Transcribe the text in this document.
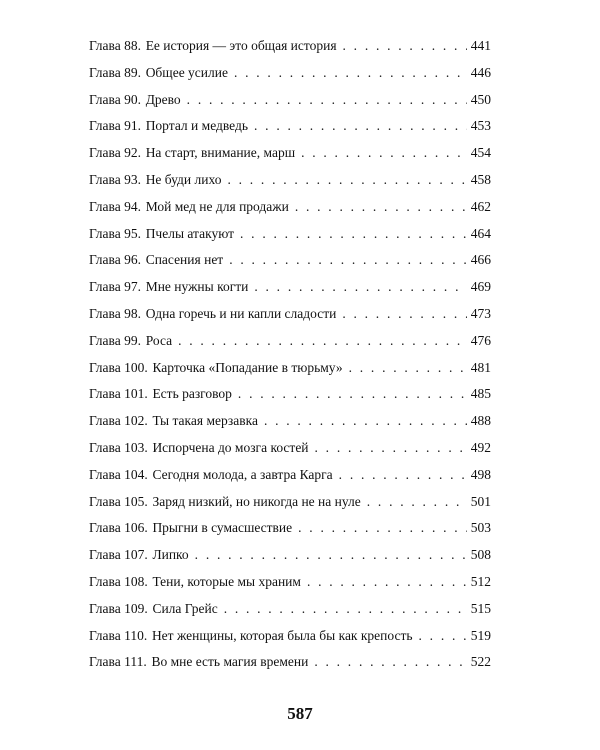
Глава 88. Ее история — это общая история . . .	441
Глава 89. Общее усилие . . .	446
Глава 90. Древо . . .	450
Глава 91. Портал и медведь . . .	453
Глава 92. На старт, внимание, марш . . .	454
Глава 93. Не буди лихо . . .	458
Глава 94. Мой мед не для продажи . . .	462
Глава 95. Пчелы атакуют . . .	464
Глава 96. Спасения нет . . .	466
Глава 97. Мне нужны когти . . .	469
Глава 98. Одна горечь и ни капли сладости . . .	473
Глава 99. Роса . . .	476
Глава 100. Карточка «Попадание в тюрьму» . . .	481
Глава 101. Есть разговор . . .	485
Глава 102. Ты такая мерзавка . . .	488
Глава 103. Испорчена до мозга костей . . .	492
Глава 104. Сегодня молода, а завтра Карга . . .	498
Глава 105. Заряд низкий, но никогда не на нуле . . .	501
Глава 106. Прыгни в сумасшествие . . .	503
Глава 107. Липко . . .	508
Глава 108. Тени, которые мы храним . . .	512
Глава 109. Сила Грейс . . .	515
Глава 110. Нет женщины, которая была бы как крепость . . .	519
Глава 111. Во мне есть магия времени . . .	522
587
